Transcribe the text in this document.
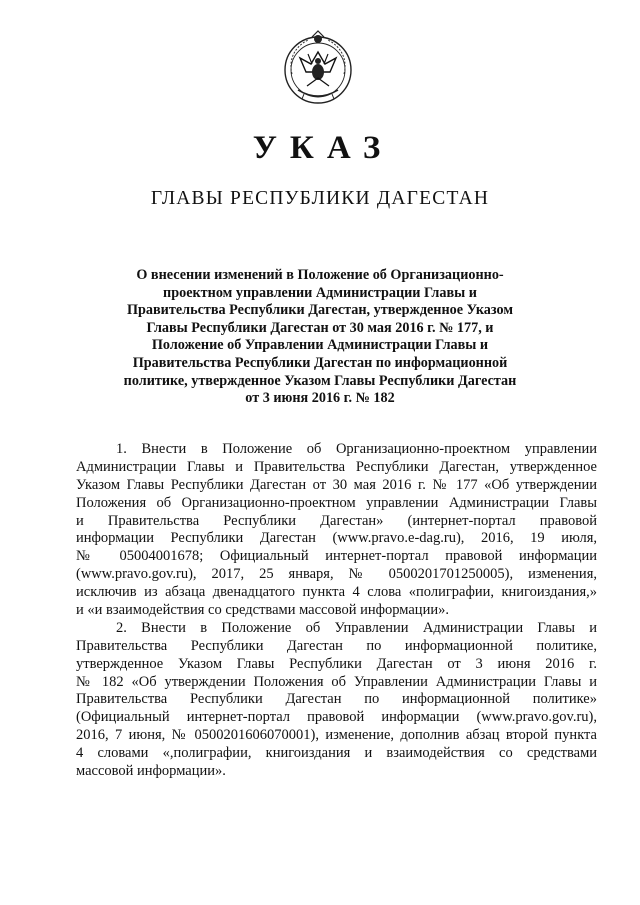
УКАЗ
ГЛАВЫ РЕСПУБЛИКИ ДАГЕСТАН
О внесении изменений в Положение об Организационно-
проектном управлении Администрации Главы и
Правительства Республики Дагестан, утвержденное Указом
Главы Республики Дагестан от 30 мая 2016 г. № 177, и
Положение об Управлении Администрации Главы и
Правительства Республики Дагестан по информационной
политике, утвержденное Указом Главы Республики Дагестан
от 3 июня 2016 г. № 182
1. Внести в Положение об Организационно-проектном управлении
Администрации Главы и Правительства Республики Дагестан, утвержденное
Указом Главы Республики Дагестан от 30 мая 2016 г. № 177 «Об утверждении
Положения об Организационно-проектном управлении Администрации Главы
и Правительства Республики Дагестан» (интернет-портал правовой
информации Республики Дагестан (www.pravo.e-dag.ru), 2016, 19 июля,
№ 05004001678; Официальный интернет-портал правовой информации
(www.pravo.gov.ru), 2017, 25 января, № 0500201701250005), изменения,
исключив из абзаца двенадцатого пункта 4 слова «полиграфии, книгоиздания,»
и «и взаимодействия со средствами массовой информации».
2. Внести в Положение об Управлении Администрации Главы и
Правительства Республики Дагестан по информационной политике,
утвержденное Указом Главы Республики Дагестан от 3 июня 2016 г.
№ 182 «Об утверждении Положения об Управлении Администрации Главы и
Правительства Республики Дагестан по информационной политике»
(Официальный интернет-портал правовой информации (www.pravo.gov.ru),
2016, 7 июня, № 0500201606070001), изменение, дополнив абзац второй пункта
4 словами «,полиграфии, книгоиздания и взаимодействия со средствами
массовой информации».
